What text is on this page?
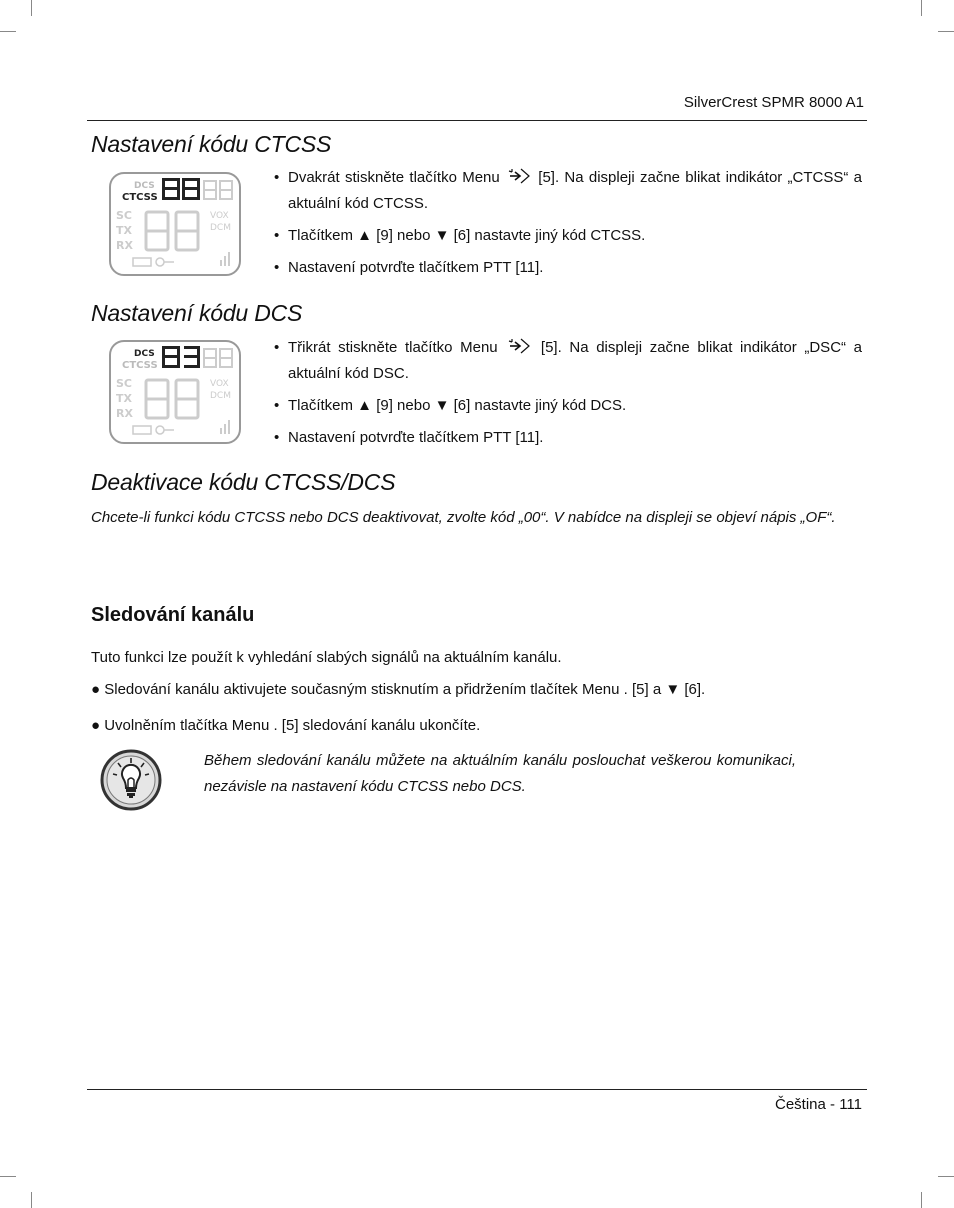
SilverCrest SPMR 8000 A1
Nastavení kódu CTCSS
DCS
CTCSS
SC
TX
RX
VOX
DCM
• Dvakrát stiskněte tlačítko Menu	[5]. Na displeji začne blikat indikátor „CTCSS“ a aktuální kód CTCSS.
• Tlačítkem ▲ [9] nebo ▼ [6] nastavte jiný kód CTCSS.
• Nastavení potvrďte tlačítkem PTT [11].
Nastavení kódu DCS
DCS
CTCSS
SC
TX
RX
VOX
DCM
• Třikrát stiskněte tlačítko Menu	[5]. Na displeji začne blikat indikátor „DSC“ a aktuální kód DSC.
• Tlačítkem ▲ [9] nebo ▼ [6] nastavte jiný kód DCS.
• Nastavení potvrďte tlačítkem PTT [11].
Deaktivace kódu CTCSS/DCS
Chcete-li funkci kódu CTCSS nebo DCS deaktivovat, zvolte kód „00“. V nabídce na displeji se objeví nápis „OF“.
Sledování kanálu
Tuto funkci lze použít k vyhledání slabých signálů na aktuálním kanálu.
● Sledování kanálu aktivujete současným stisknutím a přidržením tlačítek Menu . [5] a ▼ [6].
● Uvolněním tlačítka Menu . [5] sledování kanálu ukončíte.
Během sledování kanálu můžete na aktuálním kanálu poslouchat veškerou komunikaci, nezávisle na nastavení kódu CTCSS nebo DCS.
Čeština - 111
